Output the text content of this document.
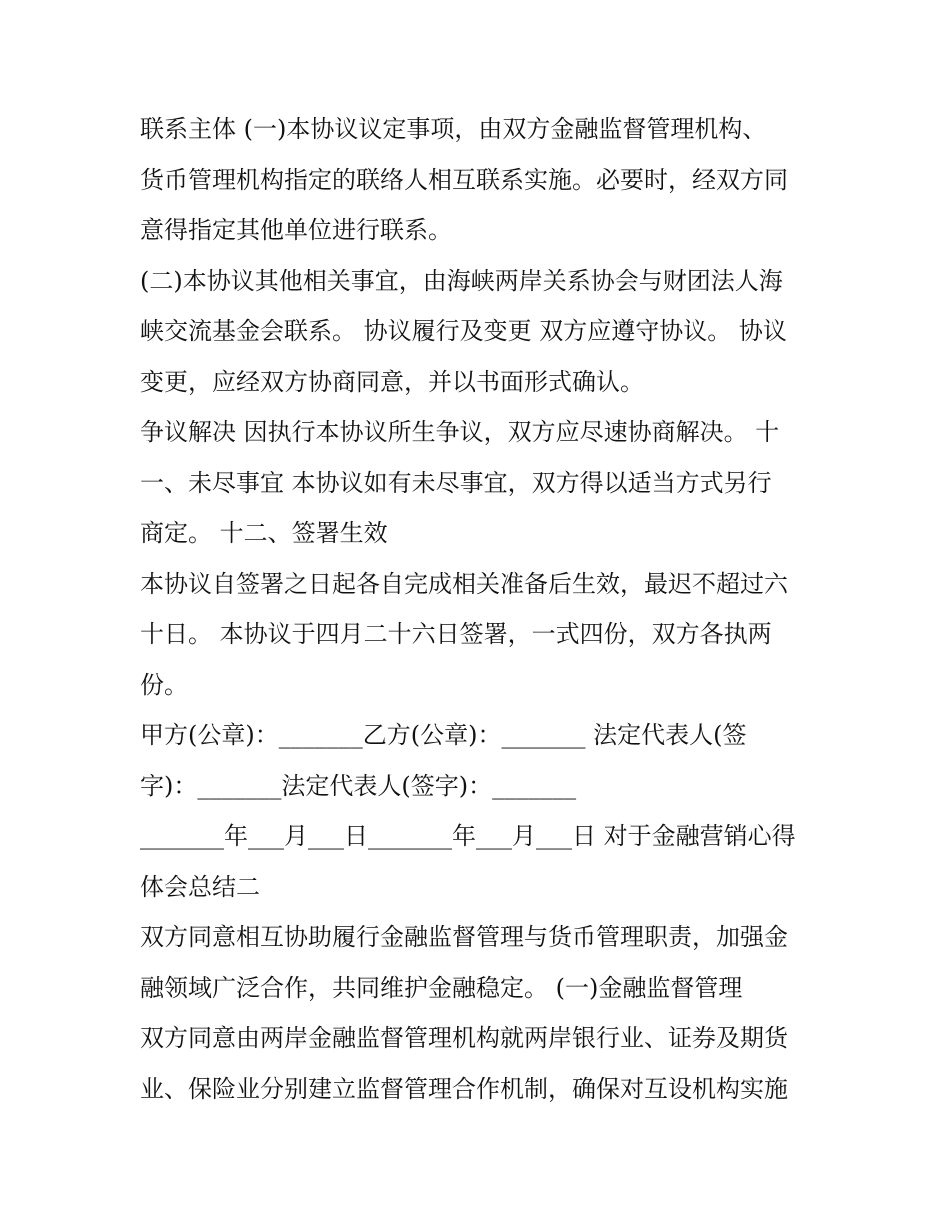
联系主体 (一)本协议议定事项，由双方金融监督管理机构、
货币管理机构指定的联络人相互联系实施。必要时，经双方同
意得指定其他单位进行联系。
(二)本协议其他相关事宜，由海峡两岸关系协会与财团法人海
峡交流基金会联系。 协议履行及变更 双方应遵守协议。 协议
变更，应经双方协商同意，并以书面形式确认。
争议解决 因执行本协议所生争议，双方应尽速协商解决。 十
一、未尽事宜 本协议如有未尽事宜，双方得以适当方式另行
商定。 十二、签署生效
本协议自签署之日起各自完成相关准备后生效，最迟不超过六
十日。 本协议于四月二十六日签署，一式四份，双方各执两
份。
甲方(公章)：_______乙方(公章)：_______ 法定代表人(签
字)：_______法定代表人(签字)：_______
_______年___月___日_______年___月___日 对于金融营销心得
体会总结二
双方同意相互协助履行金融监督管理与货币管理职责，加强金
融领域广泛合作，共同维护金融稳定。 (一)金融监督管理
双方同意由两岸金融监督管理机构就两岸银行业、证券及期货
业、保险业分别建立监督管理合作机制，确保对互设机构实施
